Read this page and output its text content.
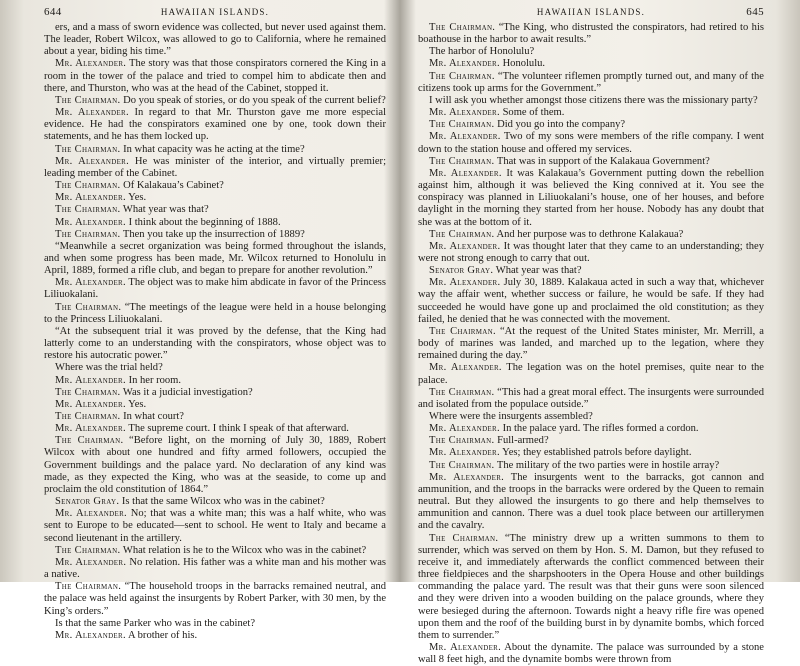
644	HAWAIIAN ISLANDS.

ers, and a mass of sworn evidence was collected, but never used against them. The leader, Robert Wilcox, was allowed to go to California, where he remained about a year, biding his time.”

Mr. Alexander. The story was that those conspirators cornered the King in a room in the tower of the palace and tried to compel him to abdicate then and there, and Thurston, who was at the head of the Cabinet, stopped it.

The Chairman. Do you speak of stories, or do you speak of the current belief?

Mr. Alexander. In regard to that Mr. Thurston gave me more especial evidence. He had the conspirators examined one by one, took down their statements, and he has them locked up.

The Chairman. In what capacity was he acting at the time?

Mr. Alexander. He was minister of the interior, and virtually premier; leading member of the Cabinet.

The Chairman. Of Kalakaua’s Cabinet?

Mr. Alexander. Yes.

The Chairman. What year was that?

Mr. Alexander. I think about the beginning of 1888.

The Chairman. Then you take up the insurrection of 1889?

“Meanwhile a secret organization was being formed throughout the islands, and when some progress has been made, Mr. Wilcox returned to Honolulu in April, 1889, formed a rifle club, and began to prepare for another revolution.”

Mr. Alexander. The object was to make him abdicate in favor of the Princess Liliuokalani.

The Chairman. “The meetings of the league were held in a house belonging to the Princess Liliuokalani.

“At the subsequent trial it was proved by the defense, that the King had latterly come to an understanding with the conspirators, whose object was to restore his autocratic power.”

Where was the trial held?

Mr. Alexander. In her room.

The Chairman. Was it a judicial investigation?

Mr. Alexander. Yes.

The Chairman. In what court?

Mr. Alexander. The supreme court. I think I speak of that afterward.

The Chairman. “Before light, on the morning of July 30, 1889, Robert Wilcox with about one hundred and fifty armed followers, occupied the Government buildings and the palace yard. No declaration of any kind was made, as they expected the King, who was at the seaside, to come up and proclaim the old constitution of 1864.”

Senator Gray. Is that the same Wilcox who was in the cabinet?

Mr. Alexander. No; that was a white man; this was a half white, who was sent to Europe to be educated—sent to school. He went to Italy and became a second lieutenant in the artillery.

The Chairman. What relation is he to the Wilcox who was in the cabinet?

Mr. Alexander. No relation. His father was a white man and his mother was a native.

The Chairman. “The household troops in the barracks remained neutral, and the palace was held against the insurgents by Robert Parker, with 30 men, by the King’s orders.”

Is that the same Parker who was in the cabinet?

Mr. Alexander. A brother of his.

HAWAIIAN ISLANDS.	645

The Chairman. “The King, who distrusted the conspirators, had retired to his boathouse in the harbor to await results.”

The harbor of Honolulu?

Mr. Alexander. Honolulu.

The Chairman. “The volunteer riflemen promptly turned out, and many of the citizens took up arms for the Government.”

I will ask you whether amongst those citizens there was the missionary party?

Mr. Alexander. Some of them.

The Chairman. Did you go into the company?

Mr. Alexander. Two of my sons were members of the rifle company. I went down to the station house and offered my services.

The Chairman. That was in support of the Kalakaua Government?

Mr. Alexander. It was Kalakaua’s Government putting down the rebellion against him, although it was believed the King connived at it. You see the conspiracy was planned in Liliuokalani’s house, one of her houses, and before daylight in the morning they started from her house. Nobody has any doubt that she was at the bottom of it.

The Chairman. And her purpose was to dethrone Kalakaua?

Mr. Alexander. It was thought later that they came to an understanding; they were not strong enough to carry that out.

Senator Gray. What year was that?

Mr. Alexander. July 30, 1889. Kalakaua acted in such a way that, whichever way the affair went, whether success or failure, he would be safe. If they had succeeded he would have gone up and proclaimed the old constitution; as they failed, he denied that he was connected with the movement.

The Chairman. “At the request of the United States minister, Mr. Merrill, a body of marines was landed, and marched up to the legation, where they remained during the day.”

Mr. Alexander. The legation was on the hotel premises, quite near to the palace.

The Chairman. “This had a great moral effect. The insurgents were surrounded and isolated from the populace outside.”

Where were the insurgents assembled?

Mr. Alexander. In the palace yard. The rifles formed a cordon.

The Chairman. Full-armed?

Mr. Alexander. Yes; they established patrols before daylight.

The Chairman. The military of the two parties were in hostile array?

Mr. Alexander. The insurgents went to the barracks, got cannon and ammunition, and the troops in the barracks were ordered by the Queen to remain neutral. But they allowed the insurgents to go there and help themselves to ammunition and cannon. There was a duel took place between our artillerymen and the cavalry.

The Chairman. “The ministry drew up a written summons to them to surrender, which was served on them by Hon. S. M. Damon, but they refused to receive it, and immediately afterwards the conflict commenced between their three fieldpieces and the sharpshooters in the Opera House and other buildings commanding the palace yard. The result was that their guns were soon silenced and they were driven into a wooden building on the palace grounds, where they were besieged during the afternoon. Towards night a heavy rifle fire was opened upon them and the roof of the building burst in by dynamite bombs, which forced them to surrender.”

Mr. Alexander. About the dynamite. The palace was surrounded by a stone wall 8 feet high, and the dynamite bombs were thrown from
